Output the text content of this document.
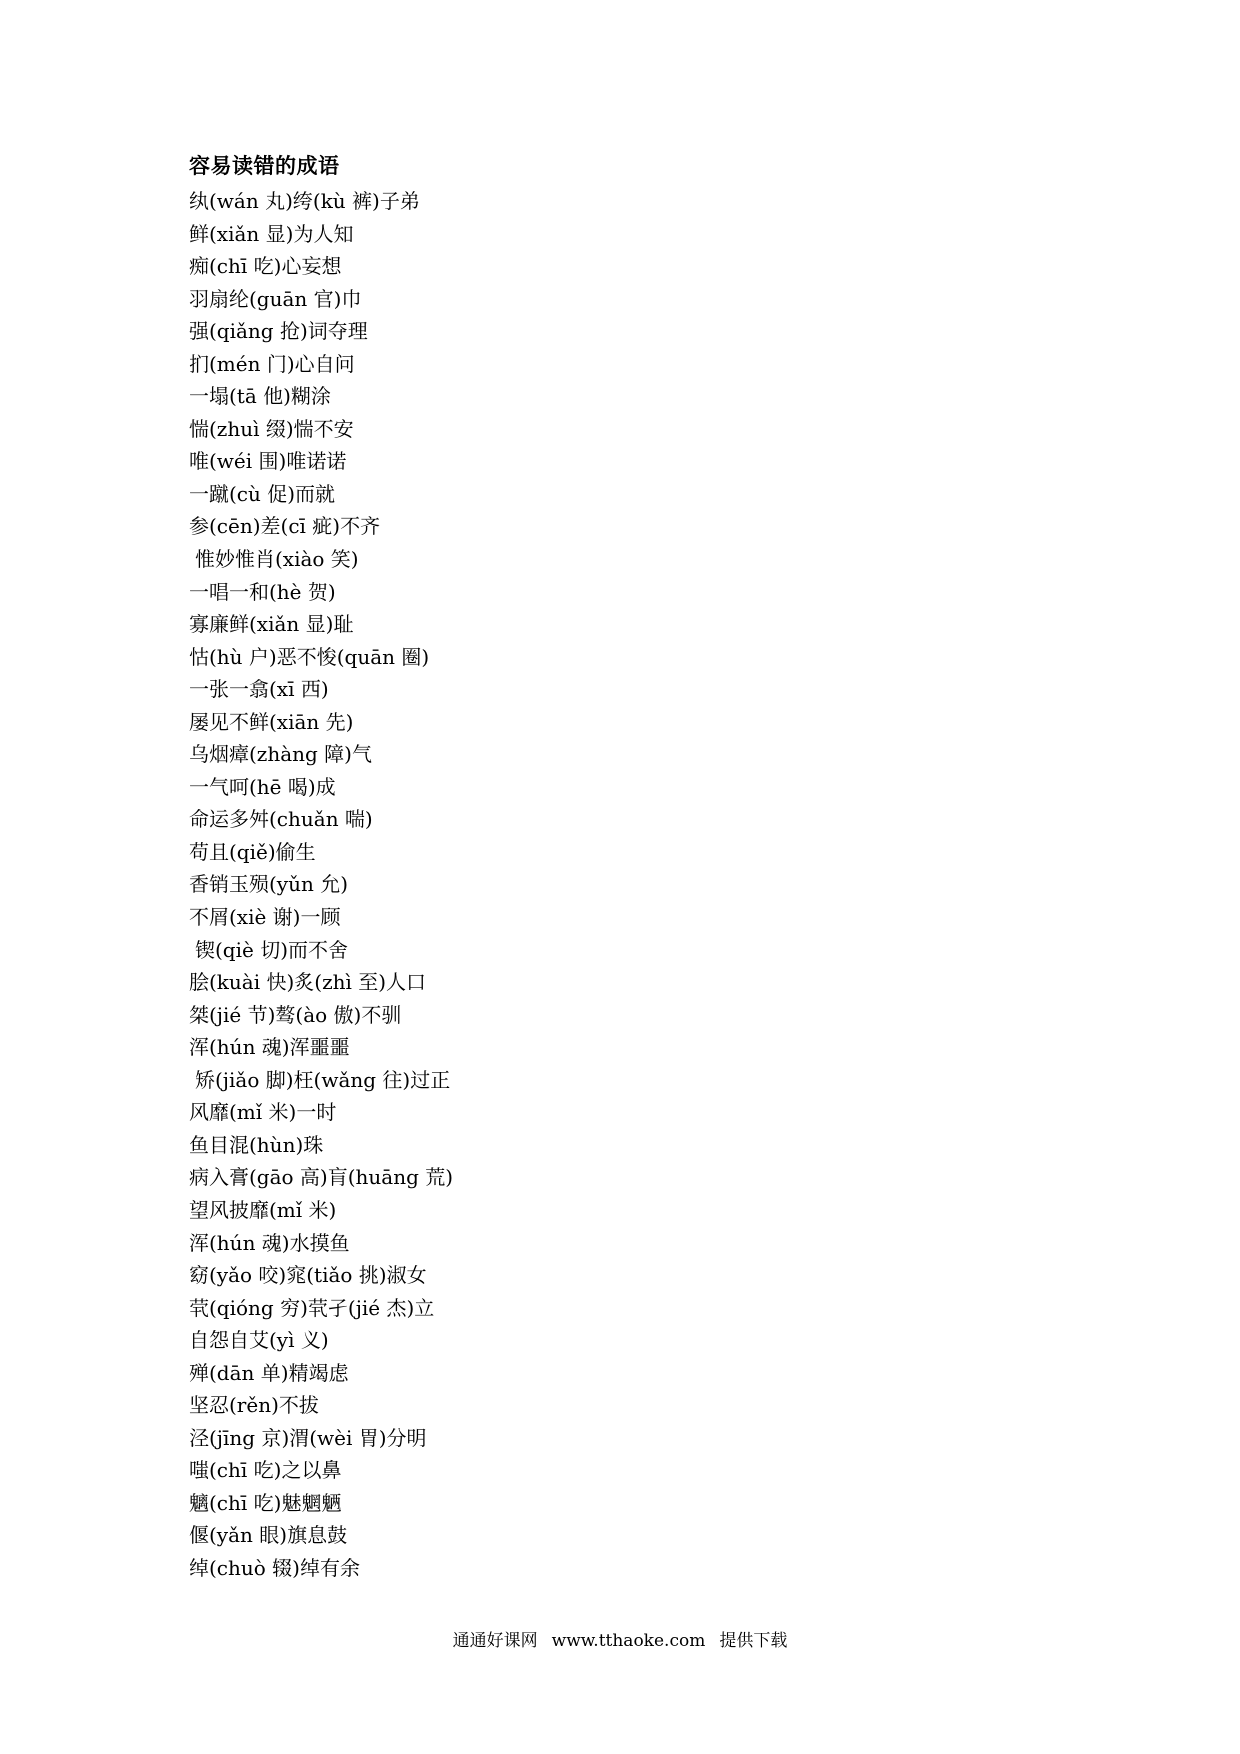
容易读错的成语
纨(wán 丸)绔(kù 裤)子弟
鲜(xiǎn 显)为人知
痴(chī 吃)心妄想
羽扇纶(guān 官)巾
强(qiǎng 抢)词夺理
扪(mén 门)心自问
一塌(tā 他)糊涂
惴(zhuì 缀)惴不安
唯(wéi 围)唯诺诺
一蹴(cù 促)而就
参(cēn)差(cī 疵)不齐
惟妙惟肖(xiào 笑)
一唱一和(hè 贺)
寡廉鲜(xiǎn 显)耻
怙(hù 户)恶不悛(quān 圈)
一张一翕(xī 西)
屡见不鲜(xiān 先)
乌烟瘴(zhàng 障)气
一气呵(hē 喝)成
命运多舛(chuǎn 喘)
苟且(qiě)偷生
香销玉殒(yǔn 允)
不屑(xiè 谢)一顾
锲(qiè 切)而不舍
脍(kuài 快)炙(zhì 至)人口
桀(jié 节)骜(ào 傲)不驯
浑(hún 魂)浑噩噩
矫(jiǎo 脚)枉(wǎng 往)过正
风靡(mǐ 米)一时
鱼目混(hùn)珠
病入膏(gāo 高)肓(huāng 荒)
望风披靡(mǐ 米)
浑(hún 魂)水摸鱼
窈(yǎo 咬)窕(tiǎo 挑)淑女
茕(qióng 穷)茕孑(jié 杰)立
自怨自艾(yì 义)
殚(dān 单)精竭虑
坚忍(rěn)不拔
泾(jīng 京)渭(wèi 胃)分明
嗤(chī 吃)之以鼻
魑(chī 吃)魅魍魉
偃(yǎn 眼)旗息鼓
绰(chuò 辍)绰有余
通通好课网 www.tthaoke.com 提供下载
